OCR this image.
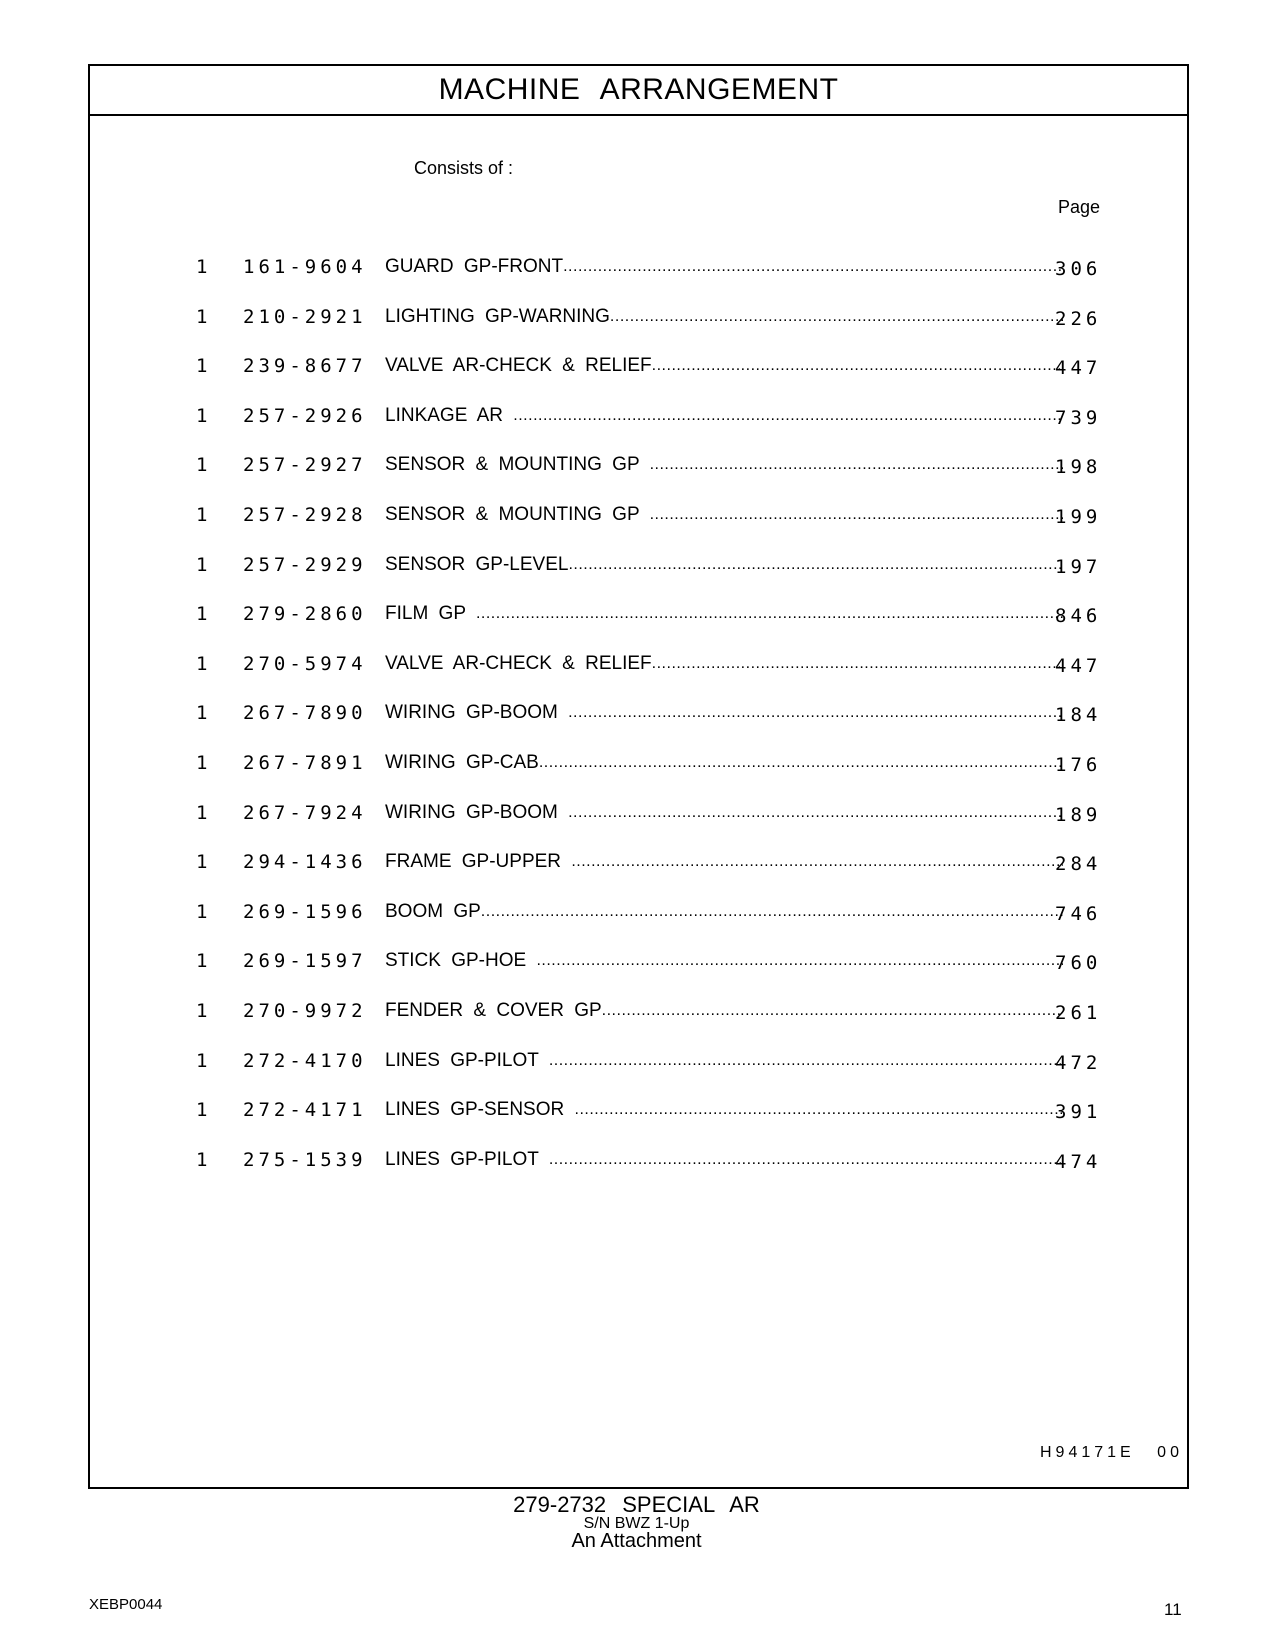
MACHINE ARRANGEMENT
Consists of :
Page
1 161-9604 GUARD GP-FRONT .....	306
1 210-2921 LIGHTING GP-WARNING .....	226
1 239-8677 VALVE AR-CHECK & RELIEF .....	447
1 257-2926 LINKAGE AR .....	739
1 257-2927 SENSOR & MOUNTING GP .....	198
1 257-2928 SENSOR & MOUNTING GP .....	199
1 257-2929 SENSOR GP-LEVEL .....	197
1 279-2860 FILM GP .....	846
1 270-5974 VALVE AR-CHECK & RELIEF .....	447
1 267-7890 WIRING GP-BOOM .....	184
1 267-7891 WIRING GP-CAB .....	176
1 267-7924 WIRING GP-BOOM .....	189
1 294-1436 FRAME GP-UPPER .....	284
1 269-1596 BOOM GP .....	746
1 269-1597 STICK GP-HOE .....	760
1 270-9972 FENDER & COVER GP .....	261
1 272-4170 LINES GP-PILOT .....	472
1 272-4171 LINES GP-SENSOR .....	391
1 275-1539 LINES GP-PILOT .....	474
H94171E 00
279-2732 SPECIAL AR
S/N BWZ 1-Up
An Attachment
XEBP0044	11
